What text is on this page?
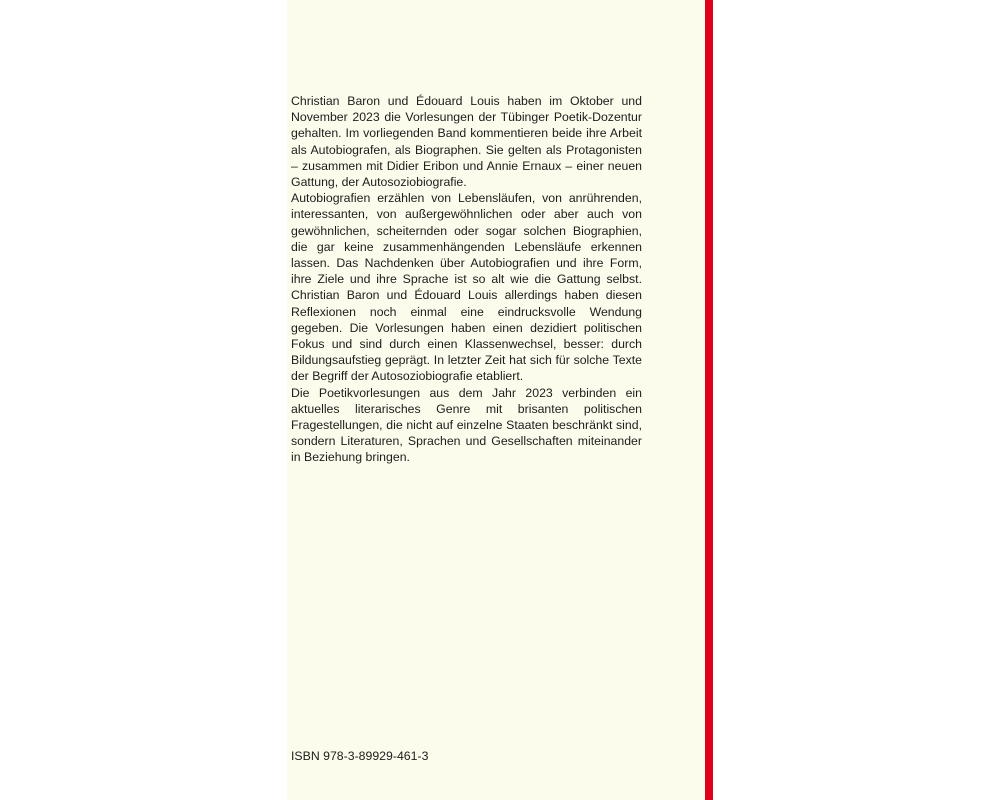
Christian Baron und Édouard Louis haben im Oktober und November 2023 die Vorlesungen der Tübinger Poetik-Dozentur gehalten. Im vorliegenden Band kommentieren beide ihre Arbeit als Autobiografen, als Biographen. Sie gelten als Protagonisten – zusammen mit Didier Eribon und Annie Ernaux – einer neuen Gattung, der Autosoziobiografie.

Autobiografien erzählen von Lebensläufen, von anrührenden, interessanten, von außergewöhnlichen oder aber auch von gewöhnlichen, scheiternden oder sogar solchen Biographien, die gar keine zusammenhängenden Lebensläufe erkennen lassen. Das Nachdenken über Autobiografien und ihre Form, ihre Ziele und ihre Sprache ist so alt wie die Gattung selbst. Christian Baron und Édouard Louis allerdings haben diesen Reflexionen noch einmal eine eindrucksvolle Wendung gegeben. Die Vorlesungen haben einen dezidiert politischen Fokus und sind durch einen Klassenwechsel, besser: durch Bildungsaufstieg geprägt. In letzter Zeit hat sich für solche Texte der Begriff der Autosoziobiografie etabliert.

Die Poetikvorlesungen aus dem Jahr 2023 verbinden ein aktuelles literarisches Genre mit brisanten politischen Fragestellungen, die nicht auf einzelne Staaten beschränkt sind, sondern Literaturen, Sprachen und Gesellschaften miteinander in Beziehung bringen.

ISBN 978-3-89929-461-3
